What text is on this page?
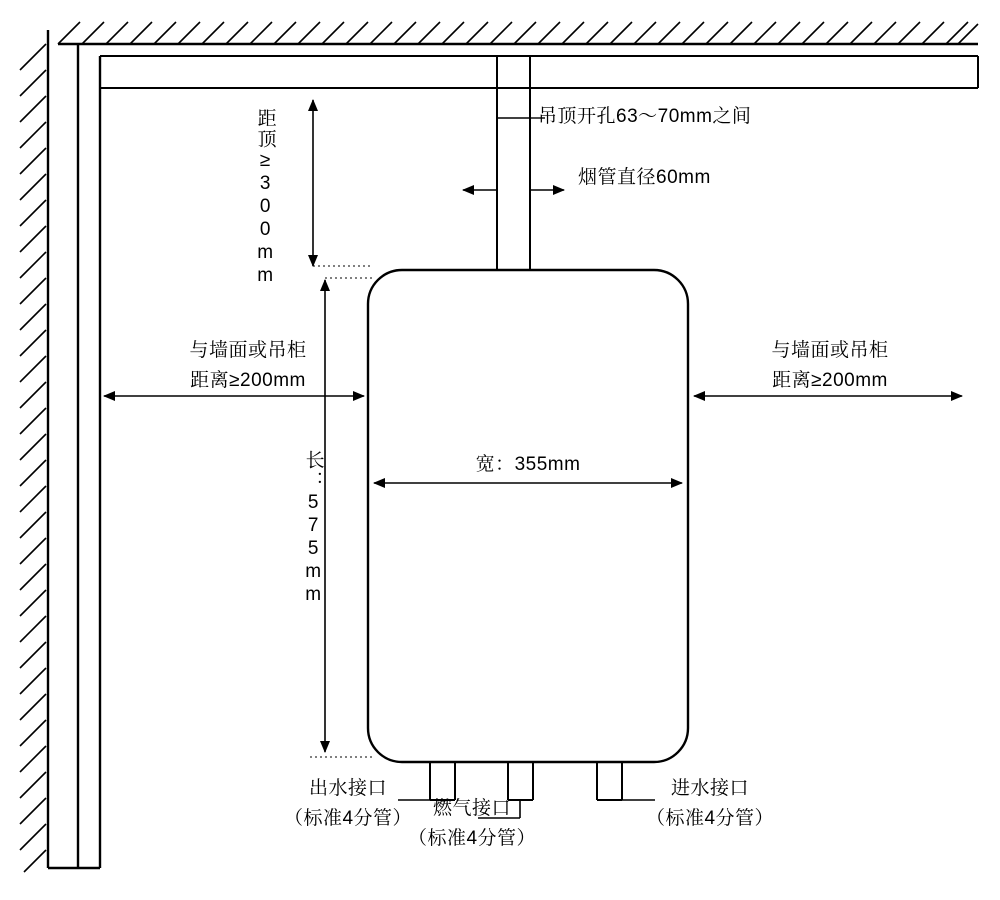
吊顶开孔63～70mm之间
烟管直径60mm
距顶≥300mm
与墙面或吊柜
距离≥200mm
与墙面或吊柜
距离≥200mm
宽：355mm
长：575mm
出水接口
（标准4分管）	燃气接口
（标准4分管）
进水接口
（标准4分管）
